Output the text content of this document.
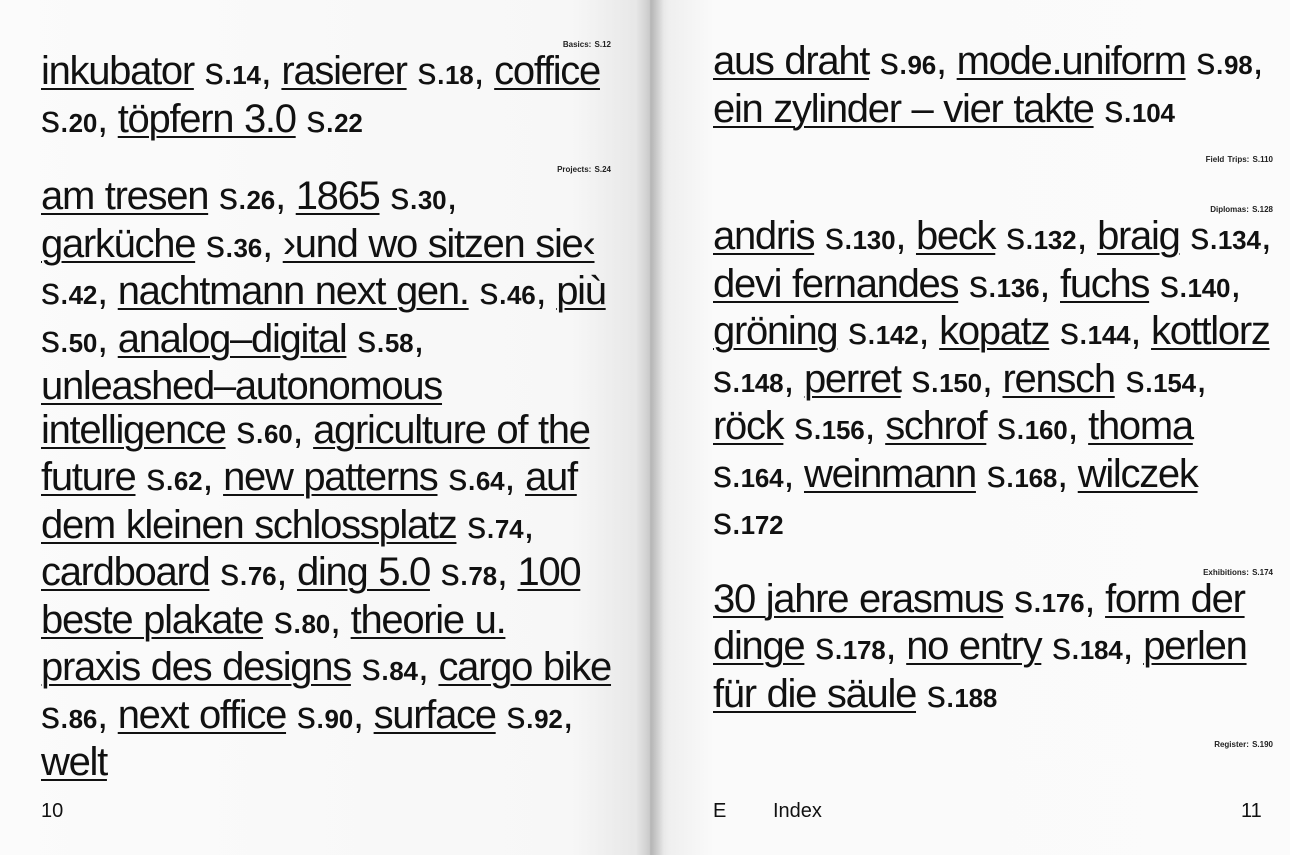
Basics: S.12
inkubator s.14, rasierer s.18, coffice s.20, töpfern 3.0 s.22
Projects: S.24
am tresen s.26, 1865 s.30, garküche s.36, ›und wo sitzen sie‹ s.42, nachtmann next gen. s.46, più s.50, analog–digital s.58, unleashed–autonomous intelligence s.60, agriculture of the future s.62, new patterns s.64, auf dem kleinen schlossplatz s.74, cardboard s.76, ding 5.0 s.78, 100 beste plakate s.80, theorie u. praxis des designs s.84, cargo bike s.86, next office s.90, surface s.92, welt
aus draht s.96, mode.uniform s.98, ein zylinder – vier takte s.104
Field Trips: S.110
Diplomas: S.128
andris s.130, beck s.132, braig s.134, devi fernandes s.136, fuchs s.140, gröning s.142, kopatz s.144, kottlorz s.148, perret s.150, rensch s.154, röck s.156, schrof s.160, thoma s.164, weinmann s.168, wilczek s.172
Exhibitions: S.174
30 jahre erasmus s.176, form der dinge s.178, no entry s.184, perlen für die säule s.188
Register: S.190
10	E Index	11
